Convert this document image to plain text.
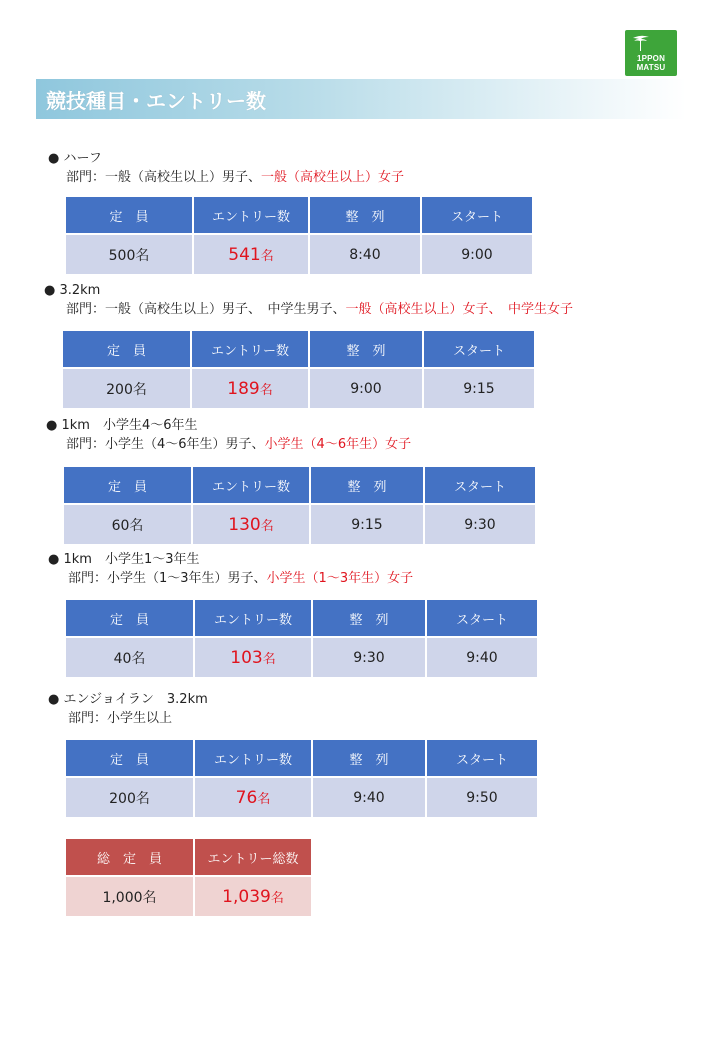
1PPON
MATSU
競技種目・エントリー数
● ハーフ
部門：一般（高校生以上）男子、一般（高校生以上）女子
定　員	エントリー数	整　列	スタート
500名	541名	8:40	9:00
● 3.2km
部門：一般（高校生以上）男子、　中学生男子、一般（高校生以上）女子、　中学生女子
定　員	エントリー数	整　列	スタート
200名	189名	9:00	9:15
● 1km　小学生4～6年生
部門：小学生（4～6年生）男子、小学生（4～6年生）女子
定　員	エントリー数	整　列	スタート
60名	130名	9:15	9:30
● 1km　小学生1～3年生
部門：小学生（1～3年生）男子、小学生（1～3年生）女子
定　員	エントリー数	整　列	スタート
40名	103名	9:30	9:40
● エンジョイラン　3.2km
部門：小学生以上
定　員	エントリー数	整　列	スタート
200名	76名	9:40	9:50
総　定　員	エントリー総数
1,000名	1,039名
